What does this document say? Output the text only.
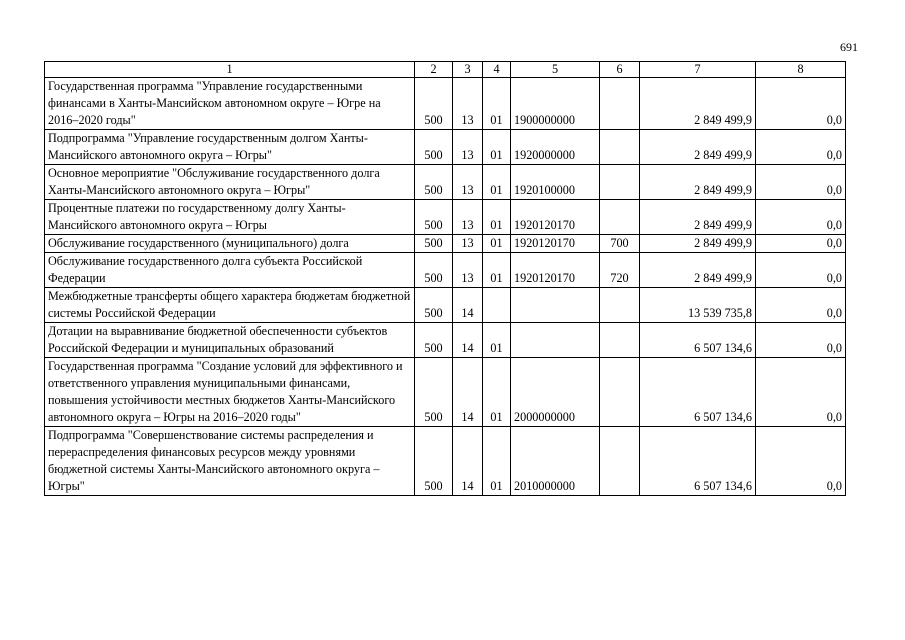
691
1	2	3	4	5	6	7	8
Государственная программа "Управление государственными финансами в Ханты-Мансийском автономном округе – Югре на 2016–2020 годы"	500	13	01	1900000000		2 849 499,9	0,0
Подпрограмма "Управление государственным долгом Ханты-Мансийского автономного округа – Югры"	500	13	01	1920000000		2 849 499,9	0,0
Основное мероприятие "Обслуживание государственного долга Ханты-Мансийского автономного округа – Югры"	500	13	01	1920100000		2 849 499,9	0,0
Процентные платежи по государственному долгу Ханты-Мансийского автономного округа – Югры	500	13	01	1920120170		2 849 499,9	0,0
Обслуживание государственного (муниципального) долга	500	13	01	1920120170	700	2 849 499,9	0,0
Обслуживание государственного долга субъекта Российской Федерации	500	13	01	1920120170	720	2 849 499,9	0,0
Межбюджетные трансферты общего характера бюджетам бюджетной системы Российской Федерации	500	14				13 539 735,8	0,0
Дотации на выравнивание бюджетной обеспеченности субъектов Российской Федерации и муниципальных образований	500	14	01			6 507 134,6	0,0
Государственная программа "Создание условий для эффективного и ответственного управления муниципальными финансами, повышения устойчивости местных бюджетов Ханты-Мансийского автономного округа – Югры на 2016–2020 годы"	500	14	01	2000000000		6 507 134,6	0,0
Подпрограмма "Совершенствование системы распределения и перераспределения финансовых ресурсов между уровнями бюджетной системы Ханты-Мансийского автономного округа – Югры"	500	14	01	2010000000		6 507 134,6	0,0
